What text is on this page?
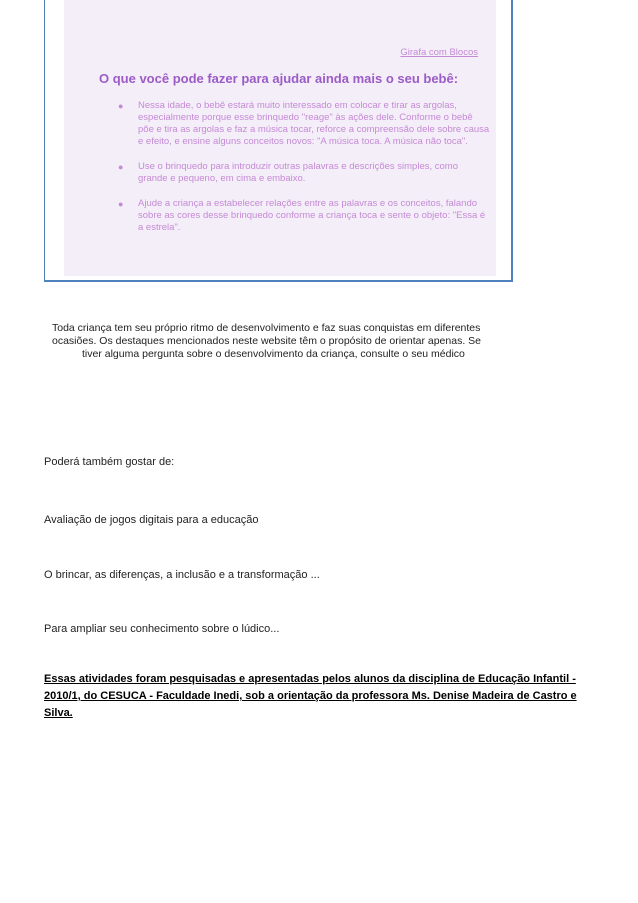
Girafa com Blocos
O que você pode fazer para ajudar ainda mais o seu bebê:
● Nessa idade, o bebê estará muito interessado em colocar e tirar as argolas, especialmente porque esse brinquedo "reage" às ações dele. Conforme o bebê põe e tira as argolas e faz a música tocar, reforce a compreensão dele sobre causa e efeito, e ensine alguns conceitos novos: "A música toca. A música não toca".
● Use o brinquedo para introduzir outras palavras e descrições simples, como grande e pequeno, em cima e embaixo.
● Ajude a criança a estabelecer relações entre as palavras e os conceitos, falando sobre as cores desse brinquedo conforme a criança toca e sente o objeto: "Essa é a estrela".
Toda criança tem seu próprio ritmo de desenvolvimento e faz suas conquistas em diferentes ocasiões. Os destaques mencionados neste website têm o propósito de orientar apenas. Se
tiver alguma pergunta sobre o desenvolvimento da criança, consulte o seu médico
Poderá também gostar de:
Avaliação de jogos digitais para a educação
O brincar, as diferenças, a inclusão e a transformação ...
Para ampliar seu conhecimento sobre o lúdico...
Essas atividades foram pesquisadas e apresentadas pelos alunos da disciplina de Educação Infantil - 2010/1, do CESUCA - Faculdade Inedi, sob a orientação da professora Ms. Denise Madeira de Castro e Silva.
